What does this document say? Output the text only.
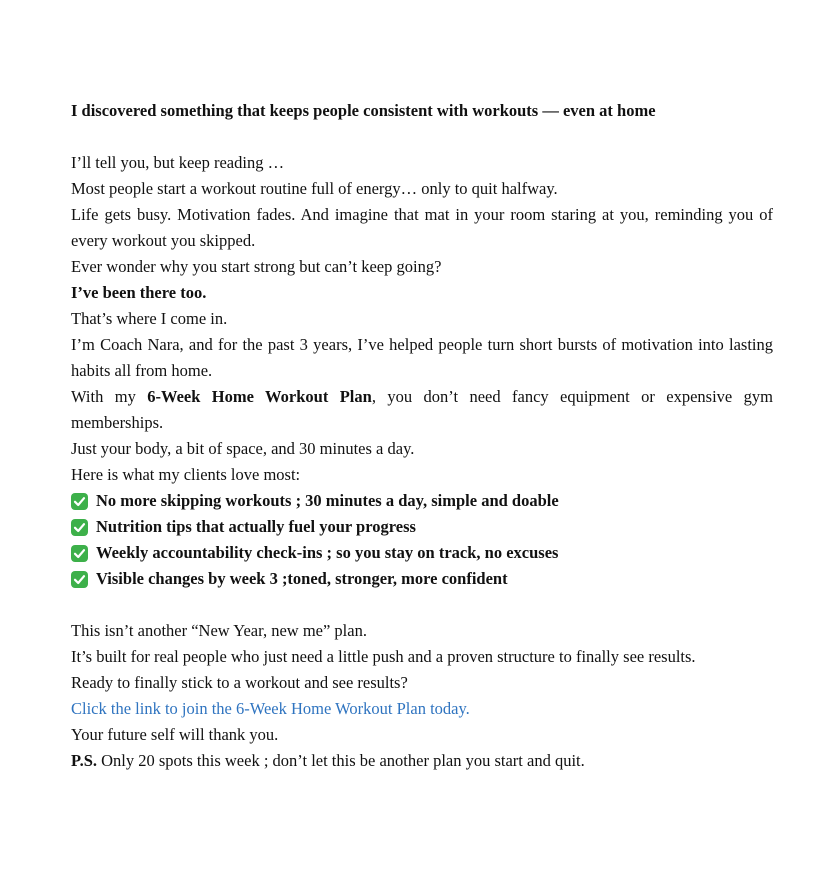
I discovered something that keeps people consistent with workouts — even at home

I’ll tell you, but keep reading …

Most people start a workout routine full of energy… only to quit halfway.

Life gets busy. Motivation fades. And imagine that mat in your room staring at you, reminding you of every workout you skipped.

Ever wonder why you start strong but can’t keep going?

I’ve been there too.

That’s where I come in.

I’m Coach Nara, and for the past 3 years, I’ve helped people turn short bursts of motivation into lasting habits all from home.

With my 6-Week Home Workout Plan, you don’t need fancy equipment or expensive gym memberships.

Just your body, a bit of space, and 30 minutes a day.

Here is what my clients love most:

No more skipping workouts ; 30 minutes a day, simple and doable

Nutrition tips that actually fuel your progress

Weekly accountability check-ins ; so you stay on track, no excuses

Visible changes by week 3 ;toned, stronger, more confident

This isn’t another “New Year, new me” plan.

It’s built for real people who just need a little push and a proven structure to finally see results.

Ready to finally stick to a workout and see results?

Click the link to join the 6-Week Home Workout Plan today.

Your future self will thank you.

P.S. Only 20 spots this week ; don’t let this be another plan you start and quit.
